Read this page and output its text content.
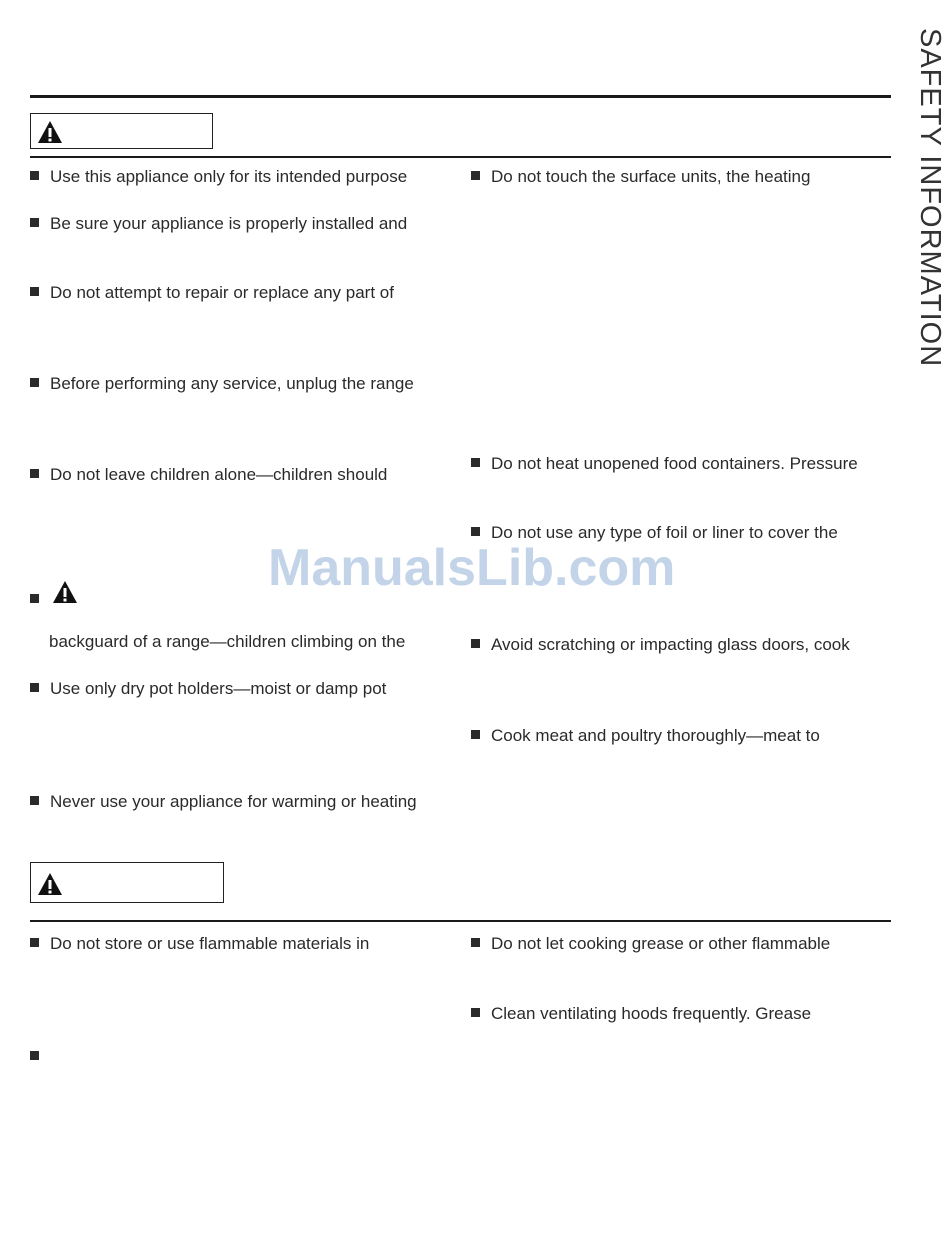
SAFETY INFORMATION
Use this appliance only for its intended purpose
Be sure your appliance is properly installed and
Do not attempt to repair or replace any part of
Before performing any service, unplug the range
Do not leave children alone—children should
backguard of a range—children climbing on the
Use only dry pot holders—moist or damp pot
Never use your appliance for warming or heating
Do not touch the surface units, the heating
Do not heat unopened food containers. Pressure
Do not use any type of foil or liner to cover the
Avoid scratching or impacting glass doors, cook
Cook meat and poultry thoroughly—meat to
ManualsLib.com
Do not store or use flammable materials in	Do not let cooking grease or other flammable
Clean ventilating hoods frequently. Grease
